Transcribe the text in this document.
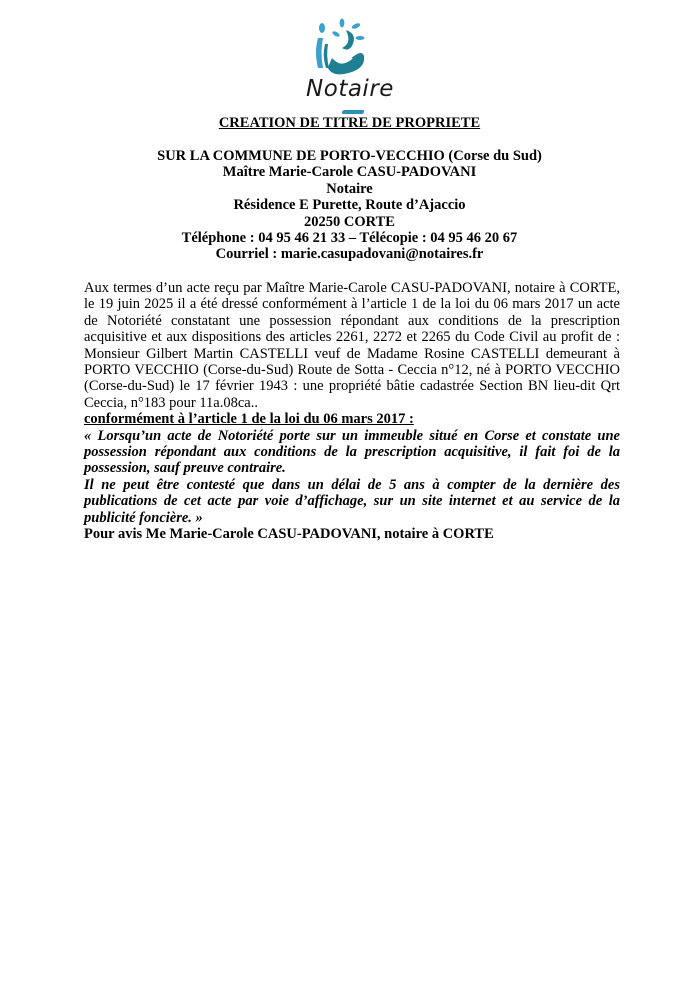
Notaire
CREATION DE TITRE DE PROPRIETE
SUR LA COMMUNE DE PORTO-VECCHIO (Corse du Sud)
Maître Marie-Carole CASU-PADOVANI
Notaire
Résidence E Purette, Route d’Ajaccio
20250 CORTE
Téléphone : 04 95 46 21 33 – Télécopie : 04 95 46 20 67
Courriel : marie.casupadovani@notaires.fr

Aux termes d’un acte reçu par Maître Marie-Carole CASU-PADOVANI, notaire à CORTE, le 19 juin 2025 il a été dressé conformément à l’article 1 de la loi du 06 mars 2017 un acte de Notoriété constatant une possession répondant aux conditions de la prescription acquisitive et aux dispositions des articles 2261, 2272 et 2265 du Code Civil au profit de : Monsieur Gilbert Martin CASTELLI veuf de Madame Rosine CASTELLI demeurant à PORTO VECCHIO (Corse-du-Sud) Route de Sotta - Ceccia n°12, né à PORTO VECCHIO (Corse-du-Sud) le 17 février 1943 : une propriété bâtie cadastrée Section BN lieu-dit Qrt Ceccia, n°183 pour 11a.08ca..

conformément à l’article 1 de la loi du 06 mars 2017 :

« Lorsqu’un acte de Notoriété porte sur un immeuble situé en Corse et constate une possession répondant aux conditions de la prescription acquisitive, il fait foi de la possession, sauf preuve contraire.

Il ne peut être contesté que dans un délai de 5 ans à compter de la dernière des publications de cet acte par voie d’affichage, sur un site internet et au service de la publicité foncière. »

Pour avis Me Marie-Carole CASU-PADOVANI, notaire à CORTE
